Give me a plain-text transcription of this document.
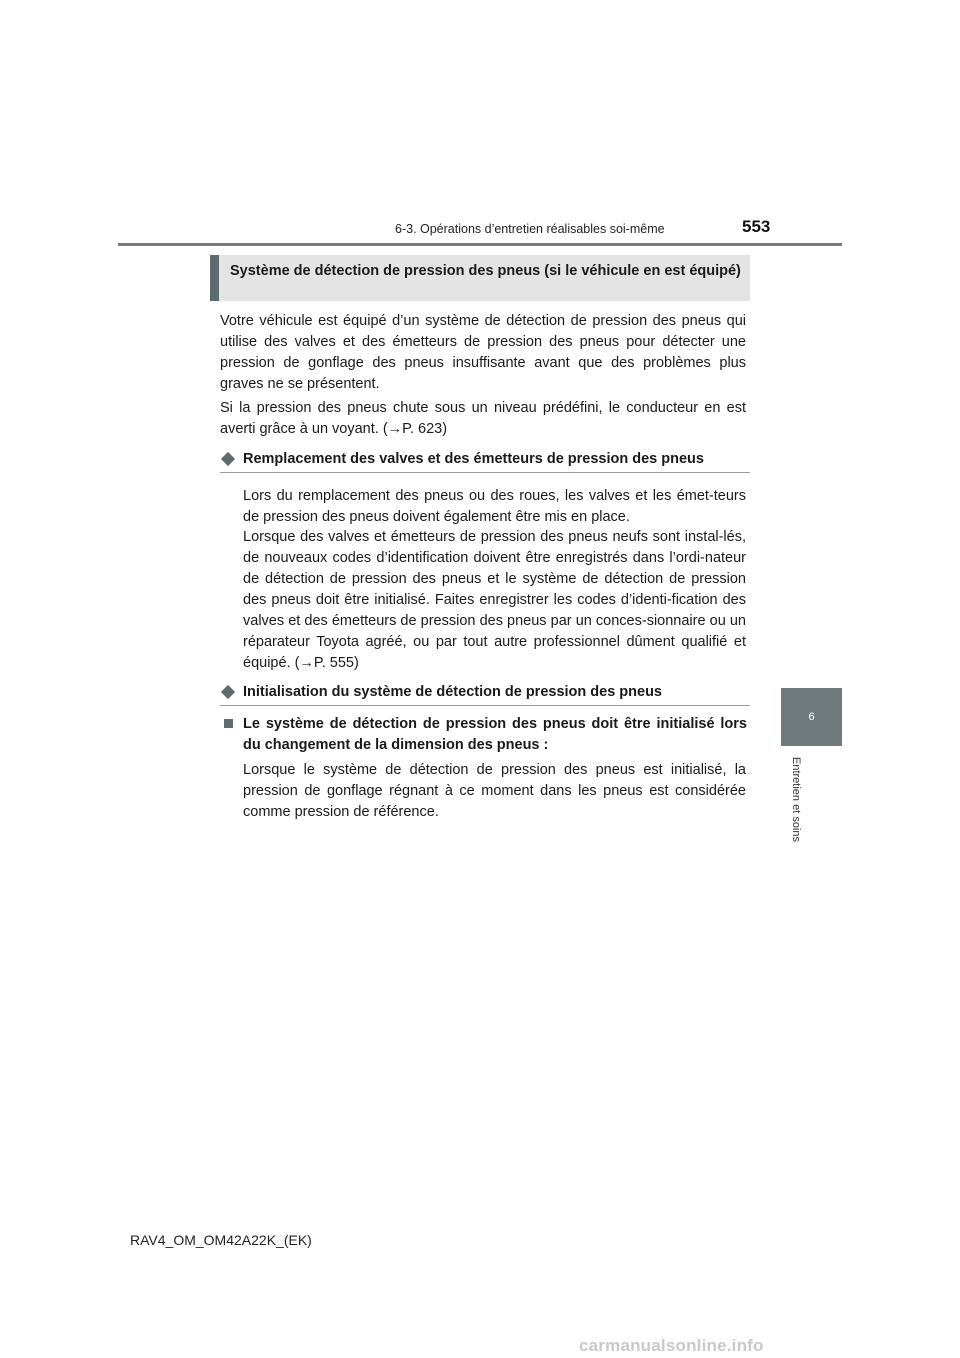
6-3. Opérations d’entretien réalisables soi-même	553
Système de détection de pression des pneus (si le véhicule en est équipé)

Votre véhicule est équipé d’un système de détection de pression des pneus qui utilise des valves et des émetteurs de pression des pneus pour détecter une pression de gonflage des pneus insuffisante avant que des problèmes plus graves ne se présentent.

Si la pression des pneus chute sous un niveau prédéfini, le conducteur en est averti grâce à un voyant. (→P. 623)

Remplacement des valves et des émetteurs de pression des pneus

Lors du remplacement des pneus ou des roues, les valves et les émet-teurs de pression des pneus doivent également être mis en place.

Lorsque des valves et émetteurs de pression des pneus neufs sont instal-lés, de nouveaux codes d’identification doivent être enregistrés dans l’ordi-nateur de détection de pression des pneus et le système de détection de pression des pneus doit être initialisé. Faites enregistrer les codes d’identi-fication des valves et des émetteurs de pression des pneus par un conces-sionnaire ou un réparateur Toyota agréé, ou par tout autre professionnel dûment qualifié et équipé. (→P. 555)

Initialisation du système de détection de pression des pneus
Le système de détection de pression des pneus doit être initialisé lors du changement de la dimension des pneus :

Lorsque le système de détection de pression des pneus est initialisé, la pression de gonflage régnant à ce moment dans les pneus est considérée comme pression de référence.

6
Entretien et soins
RAV4_OM_OM42A22K_(EK)
carmanualsonline.info
